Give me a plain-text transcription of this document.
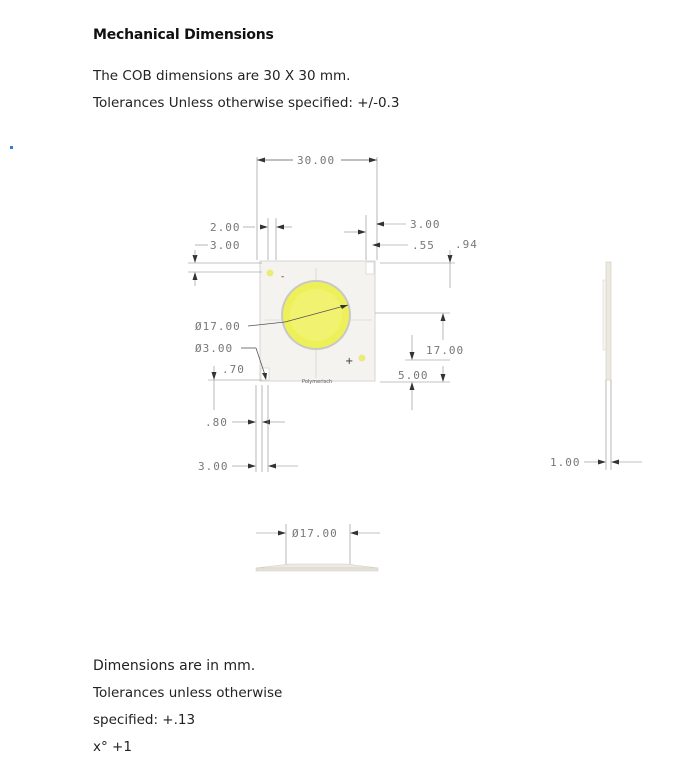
Mechanical Dimensions
The COB dimensions are 30 X 30 mm.
Tolerances Unless otherwise specified: +/-0.3
-
+
Polymerisch
30.00
2.00
3.00
3.00
.55 .94
Ø17.00
Ø3.00
.70
17.00
5.00
.80
3.00	1.00
Ø17.00
Dimensions are in mm.
Tolerances unless otherwise
specified: +.13
x° +1
